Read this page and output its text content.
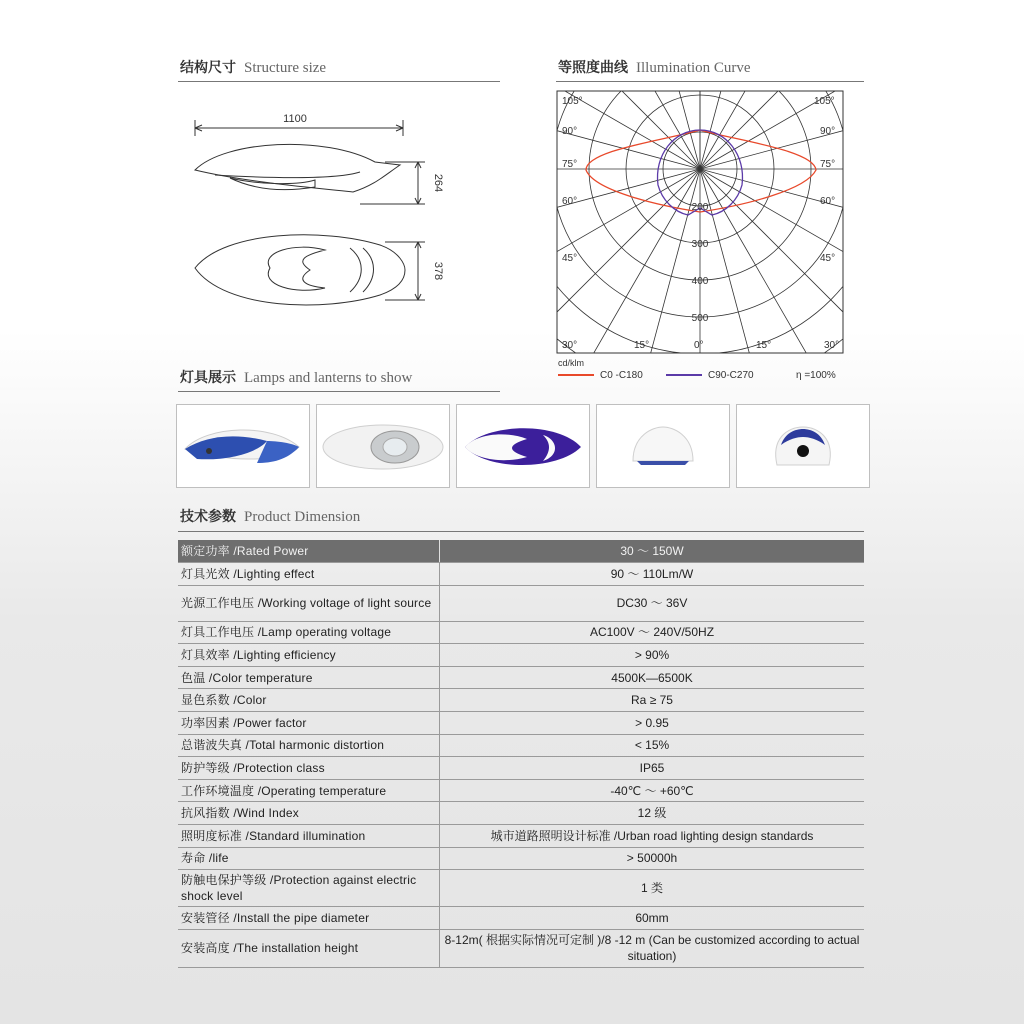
结构尺寸 Structure size	等照度曲线 Illumination Curve
1100
264
378
105°
90°
75°
60°
45°
30°	15°
105°
90°
75°
60°
45°
30°
15°
0°
200
300
400
500
cd/klm
C0 -C180	C90-C270	η =100%
灯具展示 Lamps and lanterns to show
技术参数 Product Dimension
额定功率 /Rated Power	30 ～ 150W
灯具光效 /Lighting effect	90 ～ 110Lm/W
光源工作电压 /Working voltage of light source	DC30 ～ 36V
灯具工作电压 /Lamp operating voltage	AC100V ～ 240V/50HZ
灯具效率 /Lighting efficiency	> 90%
色温 /Color temperature	4500K—6500K
显色系数 /Color	Ra ≥ 75
功率因素 /Power factor	> 0.95
总谐波失真 /Total harmonic distortion	< 15%
防护等级 /Protection class	IP65
工作环境温度 /Operating temperature	-40℃ ～ +60℃
抗风指数 /Wind Index	12 级
照明度标准 /Standard illumination	城市道路照明设计标准 /Urban road lighting design standards
寿命 /life	> 50000h
防触电保护等级 /Protection against electric shock level	1 类
安装管径 /Install the pipe diameter	60mm
安装高度 /The installation height	8-12m( 根据实际情况可定制 )/8 -12 m (Can be customized according to actual situation)
